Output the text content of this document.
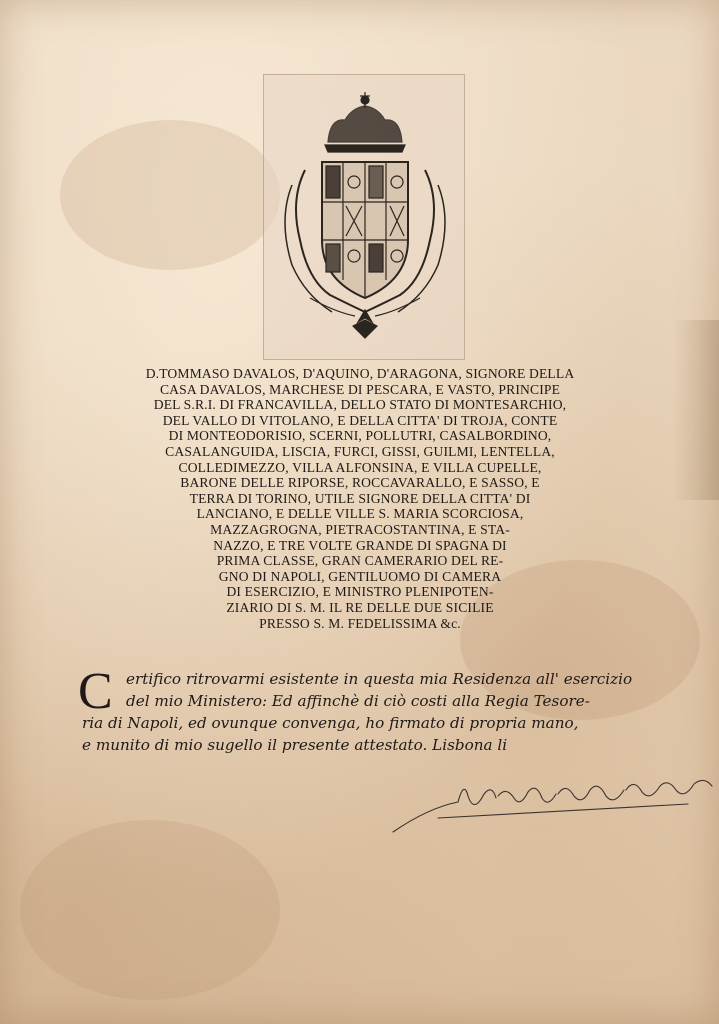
D.TOMMASO DAVALOS, D'AQUINO, D'ARAGONA, SIGNORE DELLA
CASA DAVALOS, MARCHESE DI PESCARA, E VASTO, PRINCIPE
DEL S.R.I. DI FRANCAVILLA, DELLO STATO DI MONTESARCHIO,
DEL VALLO DI VITOLANO, E DELLA CITTA' DI TROJA, CONTE
DI MONTEODORISIO, SCERNI, POLLUTRI, CASALBORDINO,
CASALANGUIDA, LISCIA, FURCI, GISSI, GUILMI, LENTELLA,
COLLEDIMEZZO, VILLA ALFONSINA, E VILLA CUPELLE,
BARONE DELLE RIPORSE, ROCCAVARALLO, E SASSO, E
TERRA DI TORINO, UTILE SIGNORE DELLA CITTA' DI
LANCIANO, E DELLE VILLE S. MARIA SCORCIOSA,
MAZZAGROGNA, PIETRACOSTANTINA, E STA-
NAZZO, E TRE VOLTE GRANDE DI SPAGNA DI
PRIMA CLASSE, GRAN CAMERARIO DEL RE-
GNO DI NAPOLI, GENTILUOMO DI CAMERA
DI ESERCIZIO, E MINISTRO PLENIPOTEN-
ZIARIO DI S. M. IL RE DELLE DUE SICILIE
PRESSO S. M. FEDELISSIMA &c.
C ertifico ritrovarmi esistente in questa mia Residenza all' esercizio
del mio Ministero: Ed affinchè di ciò costi alla Regia Tesore-
ria di Napoli, ed ovunque convenga, ho firmato di propria mano,
e munito di mio sugello il presente attestato. Lisbona li
